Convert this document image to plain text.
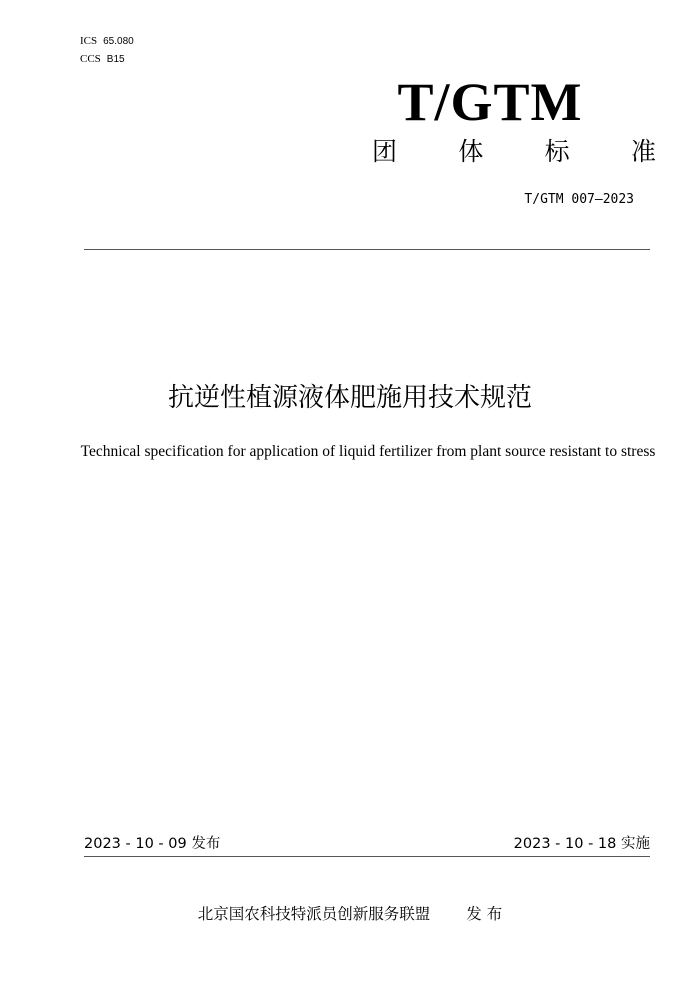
ICS 65.080
CCS B15
T/GTM
团 体 标 准
T/GTM 007—2023
抗逆性植源液体肥施用技术规范
Technical specification for application of liquid fertilizer from plant source resistant to stress
2023 - 10 - 09 发布	2023 - 10 - 18 实施
北京国农科技特派员创新服务联盟 发 布
